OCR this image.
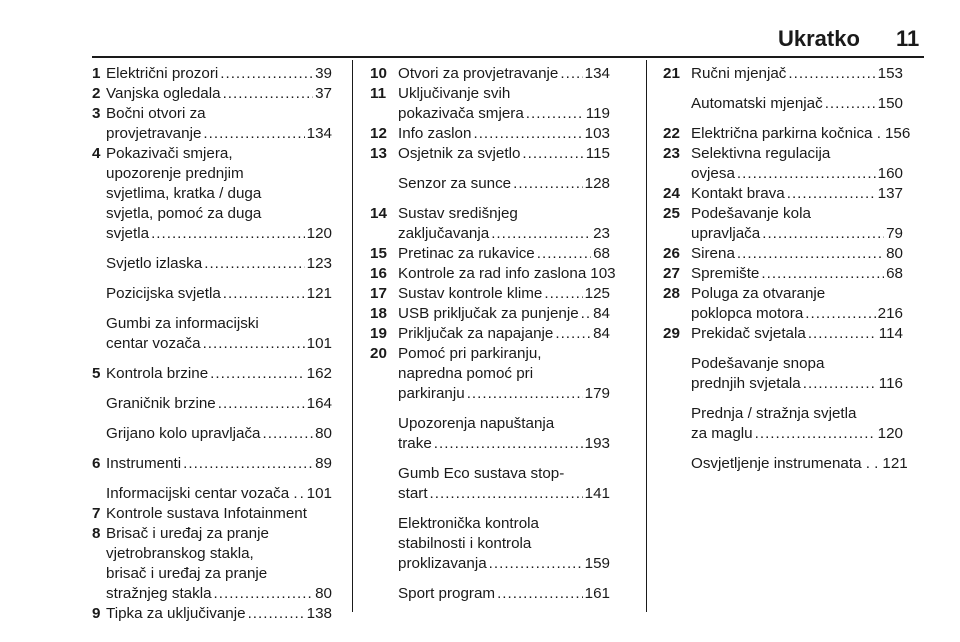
Ukratko 11
1 Električni prozori .....	39
2 Vanjska ogledala .....	37
3 Bočni otvori za
provjetravanje .....	134
4 Pokazivači smjera,
upozorenje prednjim
svjetlima, kratka / duga
svjetla, pomoć za duga
svjetla .....	120
Svjetlo izlaska .....	123
Pozicijska svjetla .....	121
Gumbi za informacijski
centar vozača .....	101
5 Kontrola brzine .....	162
Graničnik brzine .....	164
Grijano kolo upravljača .....	80
6 Instrumenti .....	89
Informacijski centar vozača . ..... 101
7 Kontrole sustava Infotainment
8 Brisač i uređaj za pranje
vjetrobranskog stakla,
brisač i uređaj za pranje
stražnjeg stakla .....	80
9 Tipka za uključivanje .....	138
10 Otvori za provjetravanje ..... 134
11 Uključivanje svih
pokazivača smjera .....	119
12 Info zaslon .....	103
13 Osjetnik za svjetlo .....	115
Senzor za sunce .....	128
14 Sustav središnjeg
zaključavanja .....	23
15 Pretinac za rukavice .....	68
16 Kontrole za rad info zaslona 103
17 Sustav kontrole klime .....	125
18 USB priključak za punjenje ..... 84
19 Priključak za napajanje .....	84
20 Pomoć pri parkiranju,
napredna pomoć pri
parkiranju .....	179
Upozorenja napuštanja
trake .....	193
Gumb Eco sustava stop-
start .....	141
Elektronička kontrola
stabilnosti i kontrola
proklizavanja .....	159
Sport program .....	161
21 Ručni mjenjač .....	153
Automatski mjenjač .....	150
22 Električna parkirna kočnica . 156
23 Selektivna regulacija
ovjesa .....	160
24 Kontakt brava .....	137
25 Podešavanje kola
upravljača .....	79
26 Sirena .....	80
27 Spremište .....	68
28 Poluga za otvaranje
poklopca motora .....	216
29 Prekidač svjetala .....	114
Podešavanje snopa
prednjih svjetala .....	116
Prednja / stražnja svjetla
za maglu .....	120
Osvjetljenje instrumenata . . 121
